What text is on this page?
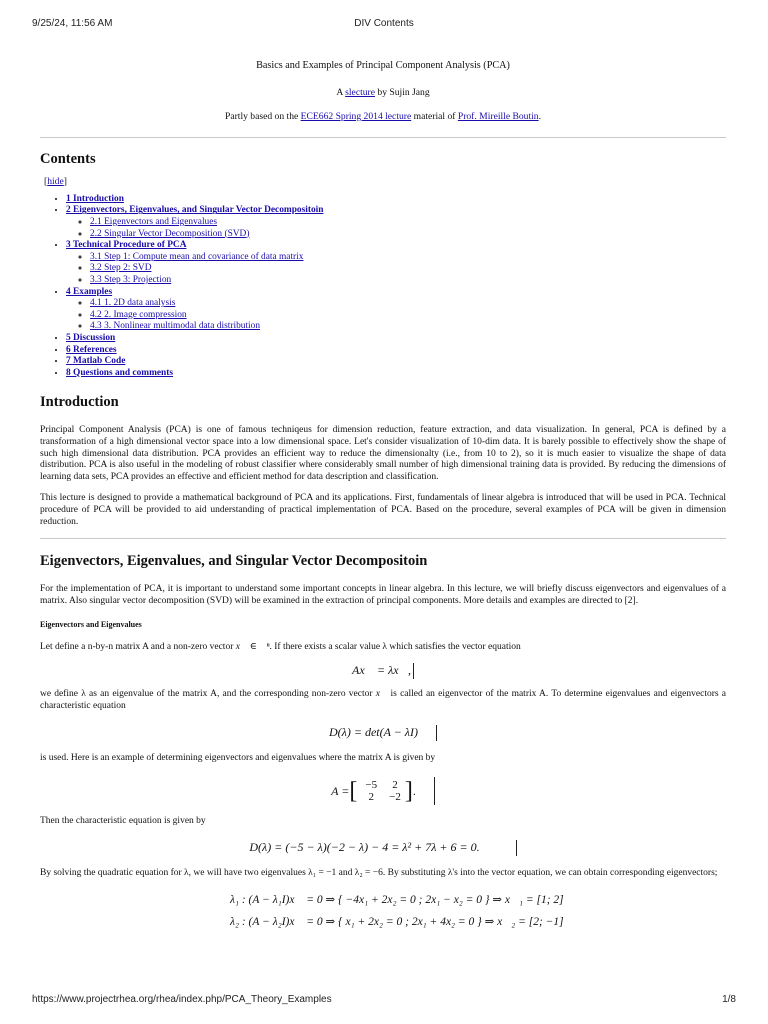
9/25/24, 11:56 AM	DIV Contents

Basics and Examples of Principal Component Analysis (PCA)

A slecture by Sujin Jang

Partly based on the ECE662 Spring 2014 lecture material of Prof. Mireille Boutin.

Contents
[hide]
• 1 Introduction
• 2 Eigenvectors, Eigenvalues, and Singular Vector Decompositoin
◦ 2.1 Eigenvectors and Eigenvalues
◦ 2.2 Singular Vector Decomposition (SVD)
• 3 Technical Procedure of PCA
◦ 3.1 Step 1: Compute mean and covariance of data matrix
◦ 3.2 Step 2: SVD
◦ 3.3 Step 3: Projection
• 4 Examples
◦ 4.1 1. 2D data analysis
◦ 4.2 2. Image compression
◦ 4.3 3. Nonlinear multimodal data distribution
• 5 Discussion
• 6 References
• 7 Matlab Code
• 8 Questions and comments
Introduction

Principal Component Analysis (PCA) is one of famous techniqeus for dimension reduction, feature extraction, and data visualization. In general, PCA is defined by a transformation of a high dimensional vector space into a low dimensional space. Let's consider visualization of 10-dim data. It is barely possible to effectively show the shape of such high dimensional data distribution. PCA provides an efficient way to reduce the dimensionalty (i.e., from 10 to 2), so it is much easier to visualize the shape of data distribution. PCA is also useful in the modeling of robust classifier where considerably small number of high dimensional training data is provided. By reducing the dimensions of learning data sets, PCA provides an effective and efficient method for data description and classification.

This lecture is designed to provide a mathematical background of PCA and its applications. First, fundamentals of linear algebra is introduced that will be used in PCA. Technical procedure of PCA will be provided to aid understanding of practical implementation of PCA. Based on the procedure, several examples of PCA will be given in dimension reduction.

Eigenvectors, Eigenvalues, and Singular Vector Decompositoin

For the implementation of PCA, it is important to understand some important concepts in linear algebra. In this lecture, we will briefly discuss eigenvectors and eigenvalues of a matrix. Also singular vector decomposition (SVD) will be examined in the extraction of principal components. More details and examples are directed to [2].

Eigenvectors and Eigenvalues

Let define a n-by-n matrix A and a non-zero vector x⃗ ∈ ℝⁿ. If there exists a scalar value λ which satisfies the vector equation

Ax⃗ = λx⃗,

we define λ as an eigenvalue of the matrix A, and the corresponding non-zero vector x⃗ is called an eigenvector of the matrix A. To determine eigenvalues and eigenvectors a characteristic equation

D(λ) = det(A − λI)

is used. Here is an example of determining eigenvectors and eigenvalues where the matrix A is given by

A = [ −5
2
2
−2 ] .

Then the characteristic equation is given by

D(λ) = (−5 − λ)(−2 − λ) − 4 = λ² + 7λ + 6 = 0.

By solving the quadratic equation for λ, we will have two eigenvalues λ₁ = −1 and λ₂ = −6. By substituting λ's into the vector equation, we can obtain corresponding eigenvectors;

λ₁ : (A − λ₁I)x⃗ = 0 ⇒ { −4x₁ + 2x₂ = 0 ; 2x₁ − x₂ = 0 } ⇒ x⃗₁ = [1; 2]
λ₂ : (A − λ₂I)x⃗ = 0 ⇒ { x₁ + 2x₂ = 0 ; 2x₁ + 4x₂ = 0 } ⇒ x⃗₂ = [2; −1]
https://www.projectrhea.org/rhea/index.php/PCA_Theory_Examples	1/8
